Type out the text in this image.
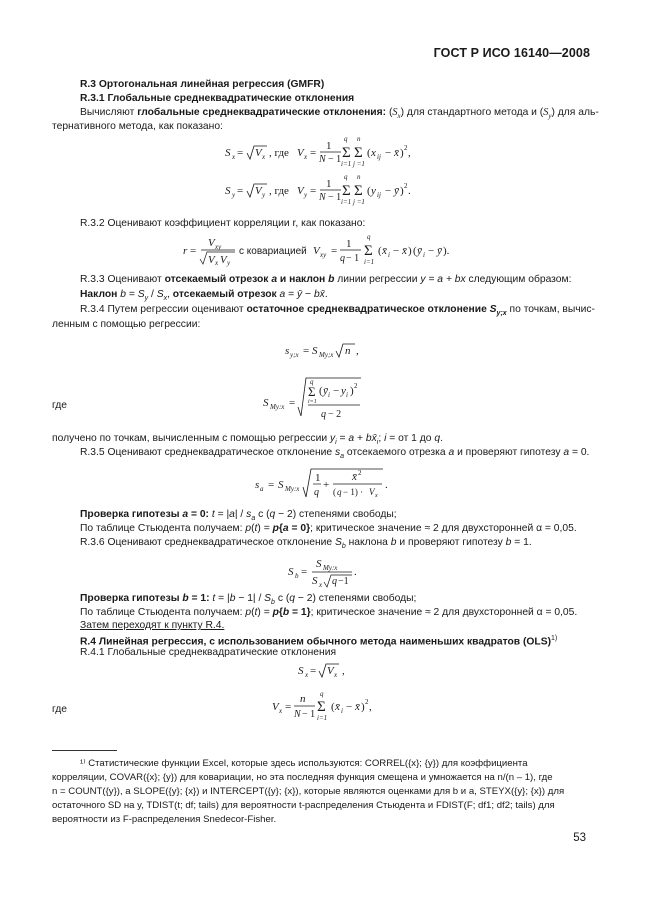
ГОСТ Р ИСО 16140—2008
R.3 Ортогональная линейная регрессия (GMFR)
R.3.1 Глобальные среднеквадратические отклонения
Вычисляют глобальные среднеквадратические отклонения: $(S_x)$ для стандартного метода и $(S_y)$ для аль-
тернативного метода, как показано:
S x = V x , где V x =
1
N − 1
q
Σ
i=1
n
Σ
j =1
( x ij − x̄ ) 2 ,
S y = V y , где V y =
1
N − 1
q
Σ
i=1
n
Σ
j =1
( y ij − ȳ ) 2 .
R.3.2 Оценивают коэффициент корреляции r, как показано:
r =
V xy
V x V y
с ковариацией V xy =
1
q − 1
q
Σ
i=1
( x̄ i − x̄ ) ( ȳ i − ȳ ).
R.3.3 Оценивают отсекаемый отрезок a и наклон b линии регрессии y = a + bx следующим образом:
Наклон $b = S_y / S_x$, отсекаемый отрезок a = ȳ − bx̄.
R.3.4 Путем регрессии оценивают остаточное среднеквадратическое отклонение $S_{y;x}$ по точкам, вычис-
ленным с помощью регрессии:
s y;x = S My;x n ,
где	S My:x =
q
Σ
i=1
( ȳ i − y i ) 2
q − 2
получено по точкам, вычисленным с помощью регрессии $y_i = a$ + $bx̄_i$; i = от 1 до q.
R.3.5 Оценивают среднеквадратическое отклонение $s_a$ отсекаемого отрезка a и проверяют гипотезу a = 0.
s a = S My:x
1
q
+
x̄ 2
( q − 1) · V x
.
Проверка гипотезы a = 0: $t = |a| / s_a$ с (q − 2) степенями свободы;
По таблице Стьюдента получаем: p(t) = p{a = 0}; критическое значение ≈ 2 для двухсторонней α = 0,05.
R.3.6 Оценивают среднеквадратическое отклонение $S_b$ наклона b и проверяют гипотезу b = 1.
S b =
S My:x
S x q −1
.
Проверка гипотезы b = 1: $t = |b - 1| / S_b$ c (q − 2) степенями свободы;
По таблице Стьюдента получаем: p(t) = p{b = 1}; критическое значение ≈ 2 для двухсторонней α = 0,05.
Затем переходят к пункту R.4.
R.4 Линейная регрессия, с использованием обычного метода наименьших квадратов (OLS)$^{1)}$
R.4.1 Глобальные среднеквадратические отклонения
S x = V x ,
где	V x =
n
N − 1
q
Σ
i=1
( x̄ i − x̄ ) 2 ,
¹⁾ Статистические функции Excel, которые здесь используются: CORREL({x}; {y}) для коэффициента
корреляции, COVAR({x}; {y}) для ковариации, но эта последняя функция смещена и умножается на n/(n – 1), где
n = COUNT({y}), a SLOPE({y}; {x}) и INTERCEPT({y}; {x}), которые являются оценками для b и a, STEYX({y}; {x}) для
остаточного SD на y, TDIST(t; df; tails) для вероятности t-распределения Стьюдента и FDIST(F; df1; df2; tails) для
вероятности из F-распределения Snedecor-Fisher.
53
